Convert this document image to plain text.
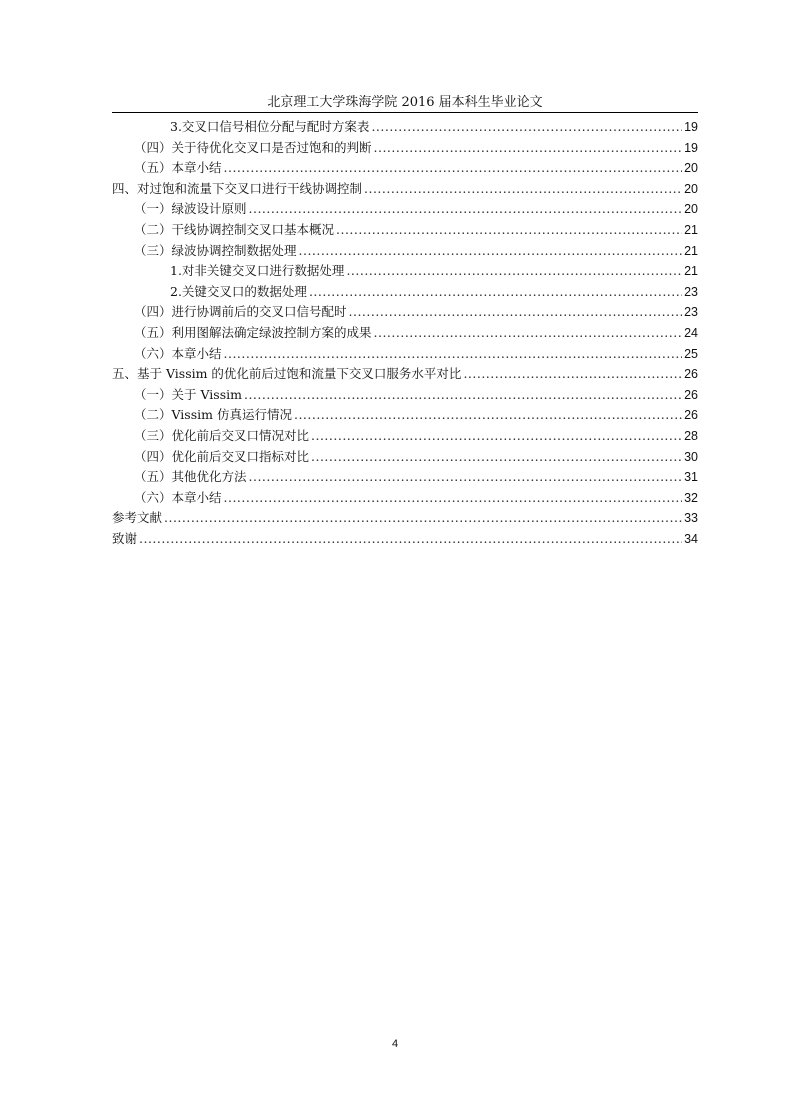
北京理工大学珠海学院 2016 届本科生毕业论文
3.交叉口信号相位分配与配时方案表 .....	19
（四）关于待优化交叉口是否过饱和的判断 .....	19
（五）本章小结 .....	20
四、对过饱和流量下交叉口进行干线协调控制 .....	20
（一）绿波设计原则 .....	20
（二）干线协调控制交叉口基本概况 .....	21
（三）绿波协调控制数据处理 .....	21
1.对非关键交叉口进行数据处理 .....	21
2.关键交叉口的数据处理 .....	23
（四）进行协调前后的交叉口信号配时 .....	23
（五）利用图解法确定绿波控制方案的成果 .....	24
（六）本章小结 .....	25
五、基于 Vissim 的优化前后过饱和流量下交叉口服务水平对比 .....	26
（一）关于 Vissim .....	26
（二）Vissim 仿真运行情况 .....	26
（三）优化前后交叉口情况对比 .....	28
（四）优化前后交叉口指标对比 .....	30
（五）其他优化方法 .....	31
（六）本章小结 .....	32
参考文献 .....	33
致谢 .....	34
4
